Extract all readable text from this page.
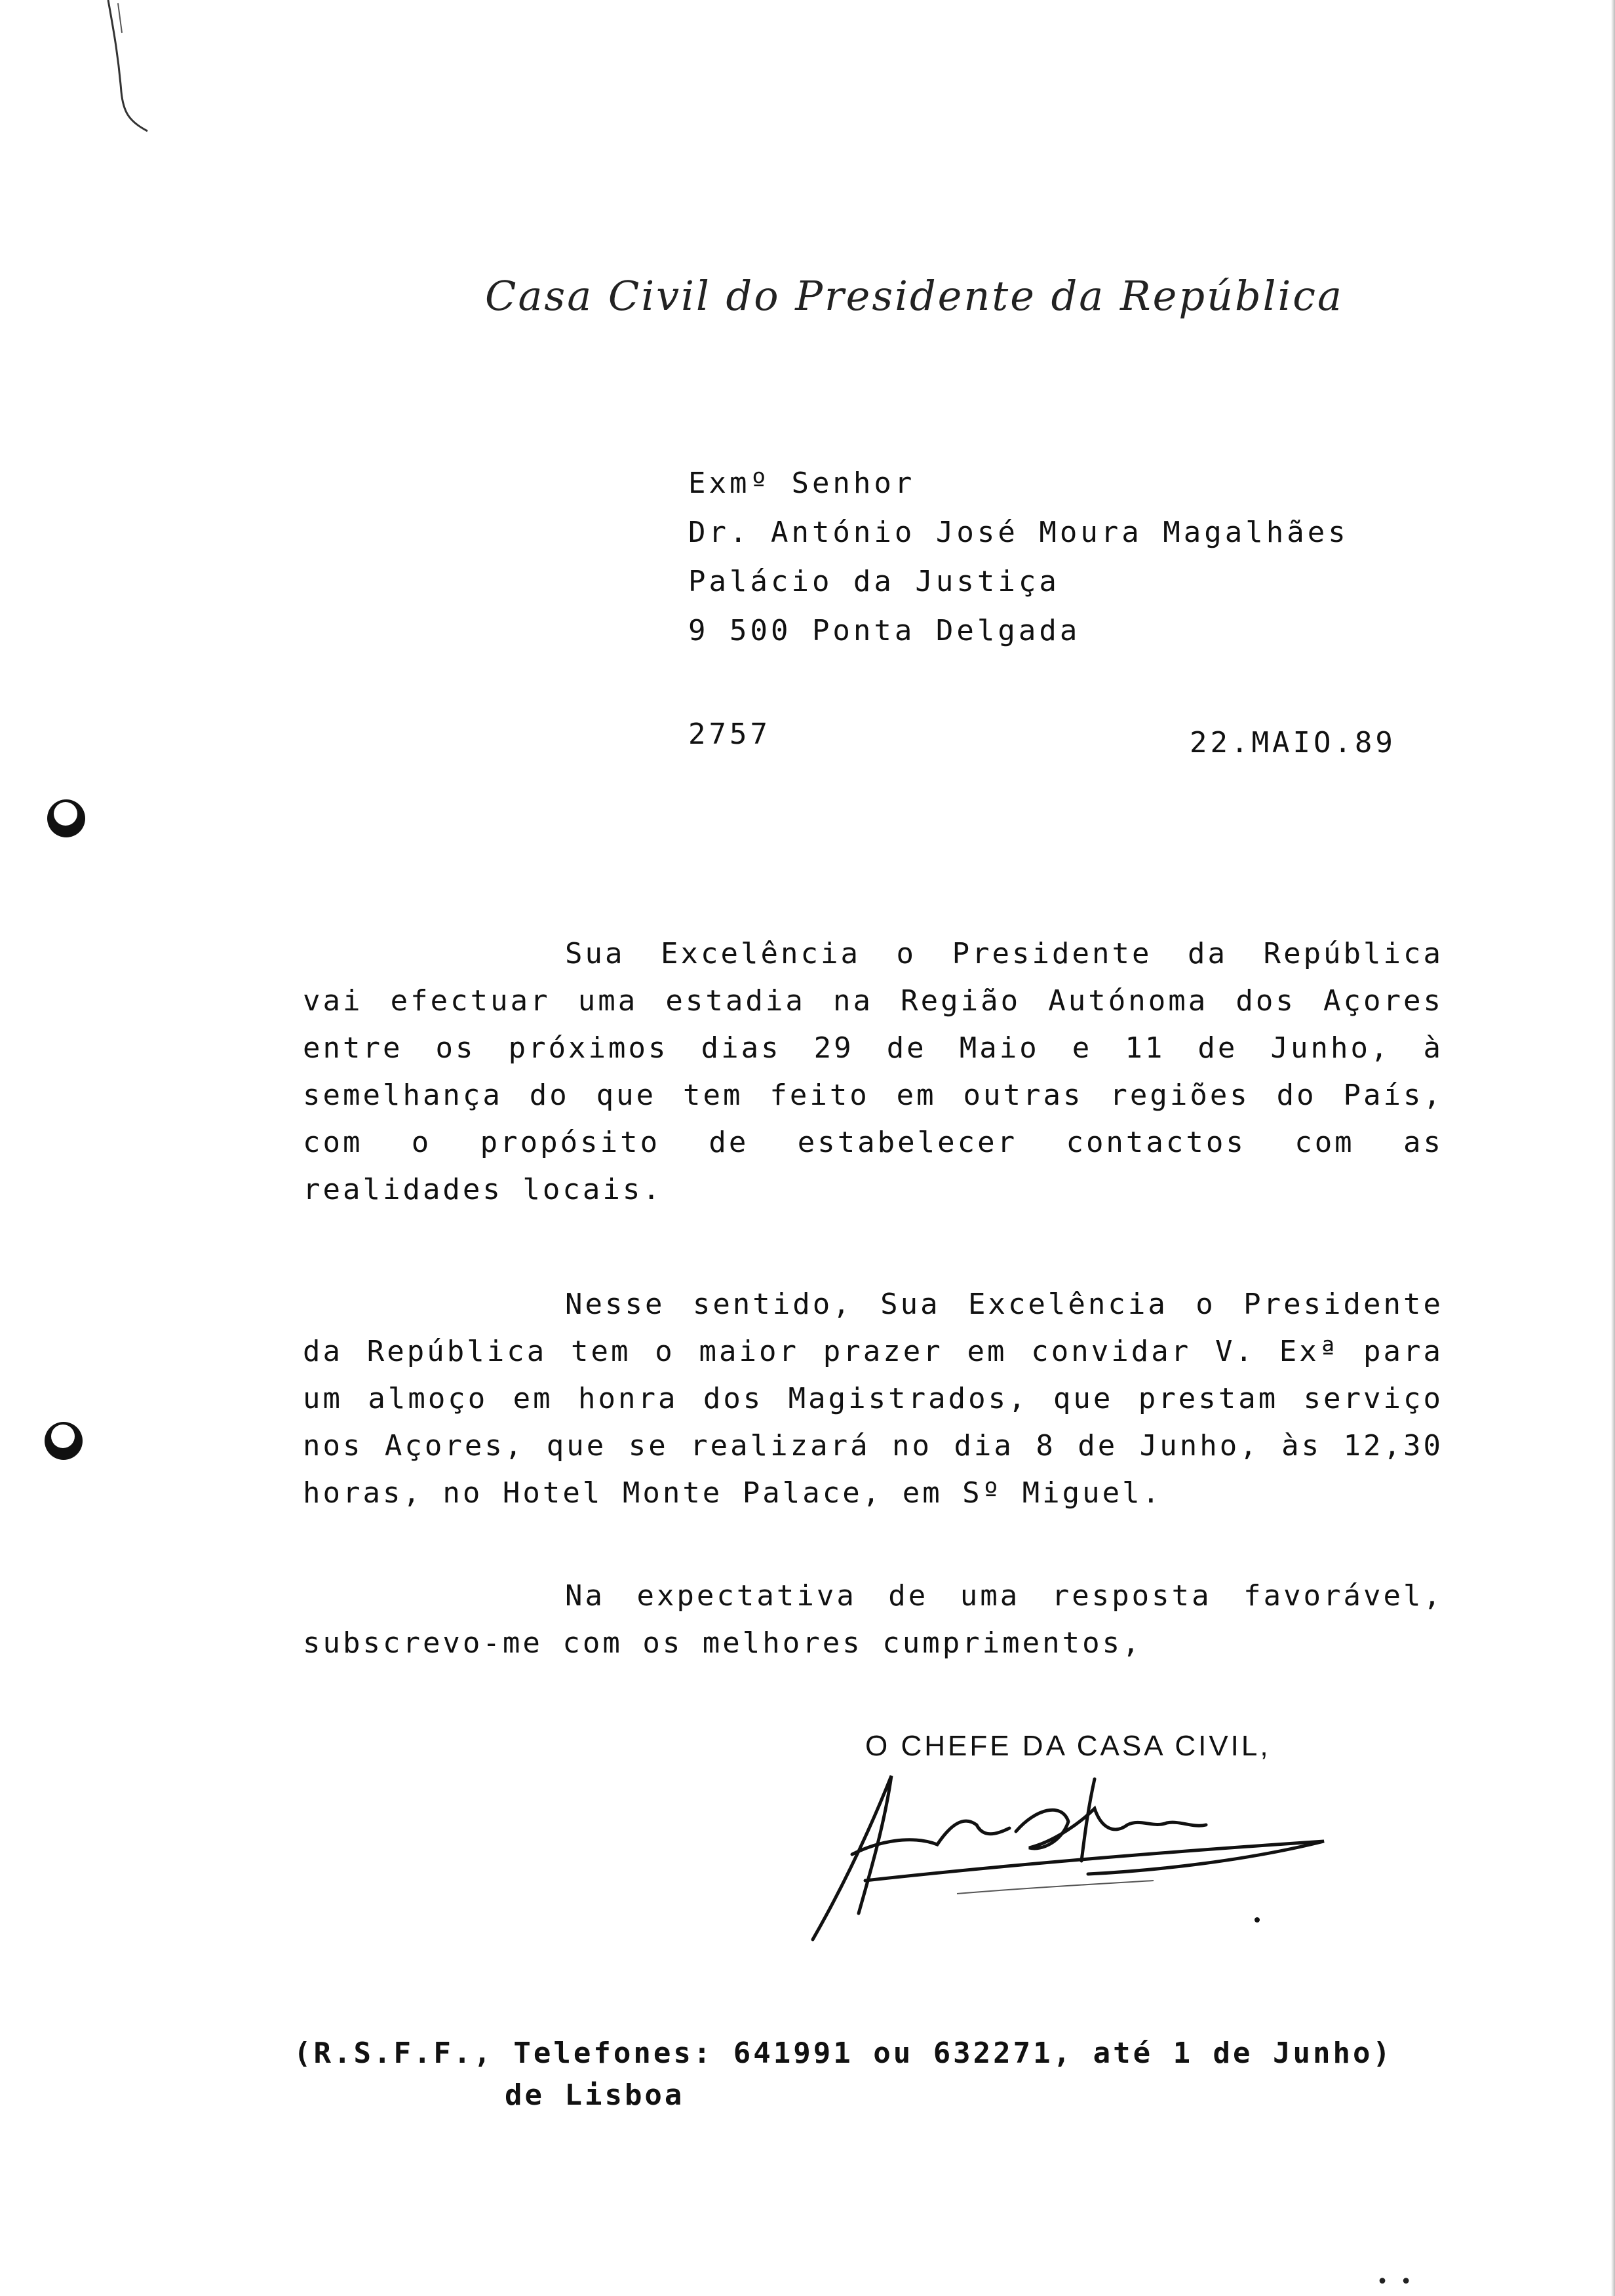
Casa Civil do Presidente da República
Exmº Senhor
Dr. António José Moura Magalhães
Palácio da Justiça
9 500 Ponta Delgada
2757	22.MAIO.89
Sua Excelência o Presidente da República vai efectuar uma estadia na Região Autónoma dos Açores entre os próximos dias 29 de Maio e 11 de Junho, à semelhança do que tem feito em outras regiões do País, com o propósito de estabelecer contactos com as realidades locais.
Nesse sentido, Sua Excelência o Presidente da República tem o maior prazer em convidar V. Exª para um almoço em honra dos Magistrados, que prestam serviço nos Açores, que se realizará no dia 8 de Junho, às 12,30 horas, no Hotel Monte Palace, em Sº Miguel.
Na expectativa de uma resposta favorável, subscrevo-me com os melhores cumprimentos,
O CHEFE DA CASA CIVIL,
(R.S.F.F., Telefones: 641991 ou 632271, até 1 de Junho)
de Lisboa
• •
